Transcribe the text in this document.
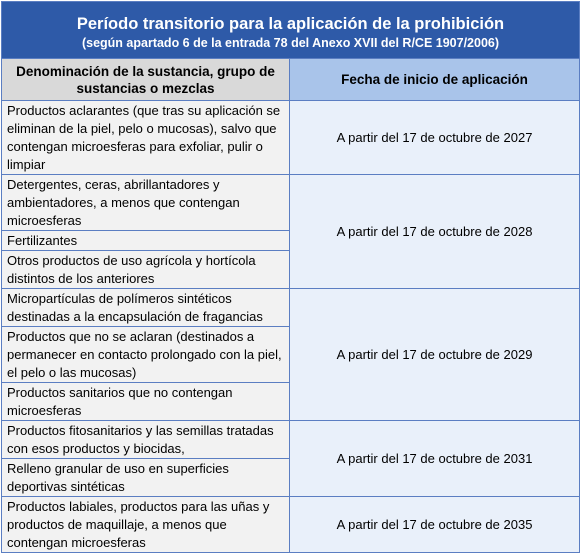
Período transitorio para la aplicación de la prohibición
(según apartado 6 de la entrada 78 del Anexo XVII del R/CE 1907/2006)	

Denominación de la sustancia, grupo de sustancias o mezclas	Fecha de inicio de aplicación
Productos aclarantes (que tras su aplicación se eliminan de la piel, pelo o mucosas), salvo que contengan microesferas para exfoliar, pulir o limpiar	A partir del 17 de octubre de 2027
Detergentes, ceras, abrillantadores y ambientadores, a menos que contengan microesferas	A partir del 17 de octubre de 2028
Fertilizantes	
Otros productos de uso agrícola y hortícola distintos de los anteriores	
Micropartículas de polímeros sintéticos destinadas a la encapsulación de fragancias	A partir del 17 de octubre de 2029
Productos que no se aclaran (destinados a permanecer en contacto prolongado con la piel, el pelo o las mucosas)	
Productos sanitarios que no contengan microesferas	
Productos fitosanitarios y las semillas tratadas con esos productos y biocidas,	A partir del 17 de octubre de 2031
Relleno granular de uso en superficies deportivas sintéticas	
Productos labiales, productos para las uñas y productos de maquillaje, a menos que contengan microesferas	A partir del 17 de octubre de 2035
